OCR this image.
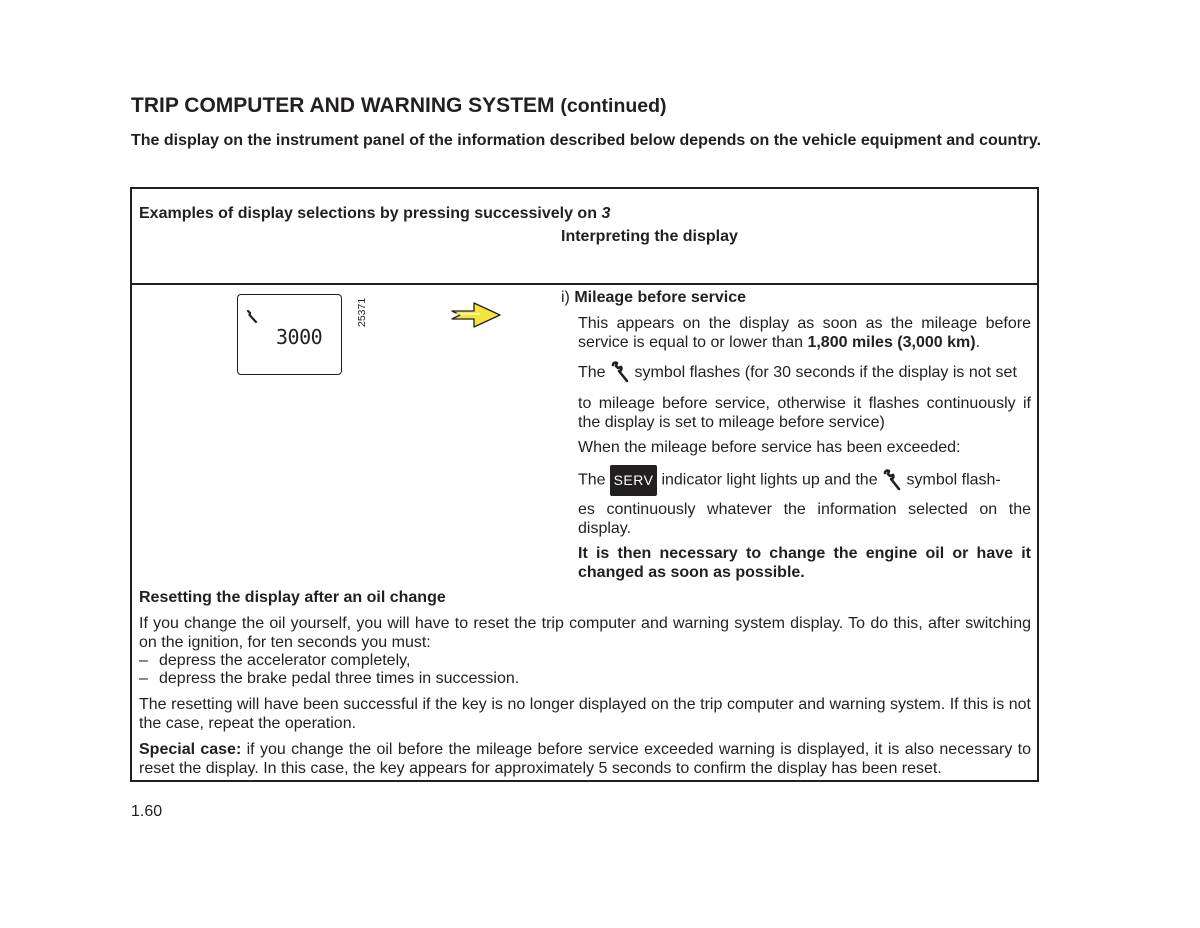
TRIP COMPUTER AND WARNING SYSTEM (continued)
The display on the instrument panel of the information described below depends on the vehicle equipment and country.
Examples of display selections by pressing successively on 3
Interpreting the display
3000
25371
i) Mileage before service
This appears on the display as soon as the mileage before service is equal to or lower than 1,800 miles (3,000 km).
The symbol flashes (for 30 seconds if the display is not set
to mileage before service, otherwise it flashes continuously if the display is set to mileage before service)
When the mileage before service has been exceeded:
The SERV indicator light lights up and the symbol flash-
es continuously whatever the information selected on the display.
It is then necessary to change the engine oil or have it changed as soon as possible.
Resetting the display after an oil change
If you change the oil yourself, you will have to reset the trip computer and warning system display. To do this, after switching on the ignition, for ten seconds you must:
– depress the accelerator completely,
– depress the brake pedal three times in succession.
The resetting will have been successful if the key is no longer displayed on the trip computer and warning system. If this is not the case, repeat the operation.
Special case: if you change the oil before the mileage before service exceeded warning is displayed, it is also necessary to reset the display. In this case, the key appears for approximately 5 seconds to confirm the display has been reset.
1.60
